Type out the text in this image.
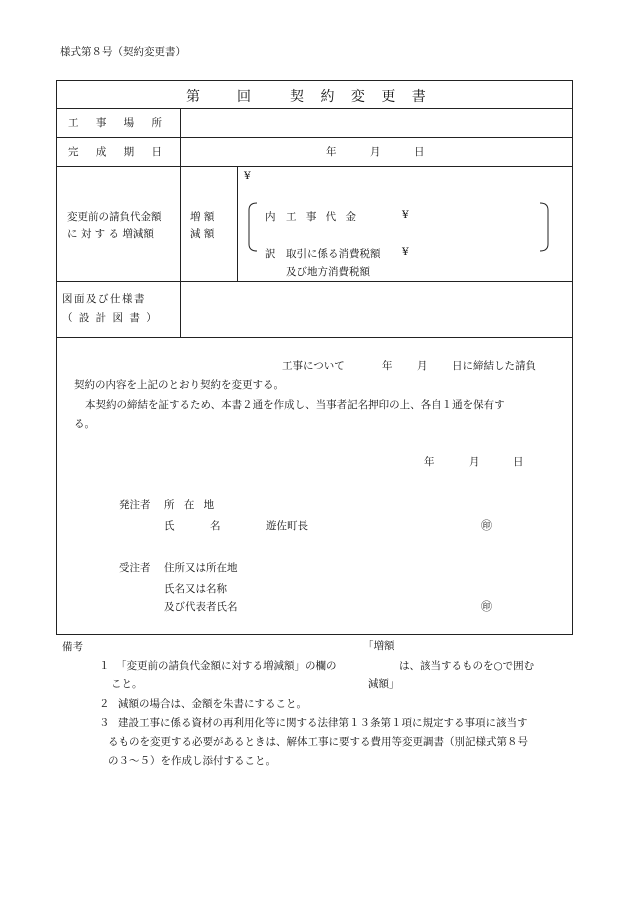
様式第８号（契約変更書）
第	回	契 約 変 更 書
工 事 場 所
完 成 期 日	年	月	日
変更前の請負代金額
に 対 す る 増減額
増 額
減 額
¥
内 工 事 代 金	¥
訳 取引に係る消費税額 ¥
及び地方消費税額
図面及び仕様書
（ 設 計 図 書 ）
工事について	年 月 日に締結した請負
契約の内容を上記のとおり契約を変更する。
本契約の締結を証するため、本書２通を作成し、当事者記名押印の上、各自１通を保有す
る。
年	月	日
発注者 所 在 地
氏	名	遊佐町長	㊞
受注者 住所又は所在地
氏名又は名称
及び代表者氏名	㊞
備考	「増額
１ 「変更前の請負代金額に対する増減額」の欄の	は、該当するものを○で囲む
こと。	減額」
２ 減額の場合は、金額を朱書にすること。
３ 建設工事に係る資材の再利用化等に関する法律第１３条第１項に規定する事項に該当す
るものを変更する必要があるときは、解体工事に要する費用等変更調書（別記様式第８号
の３～５）を作成し添付すること。
